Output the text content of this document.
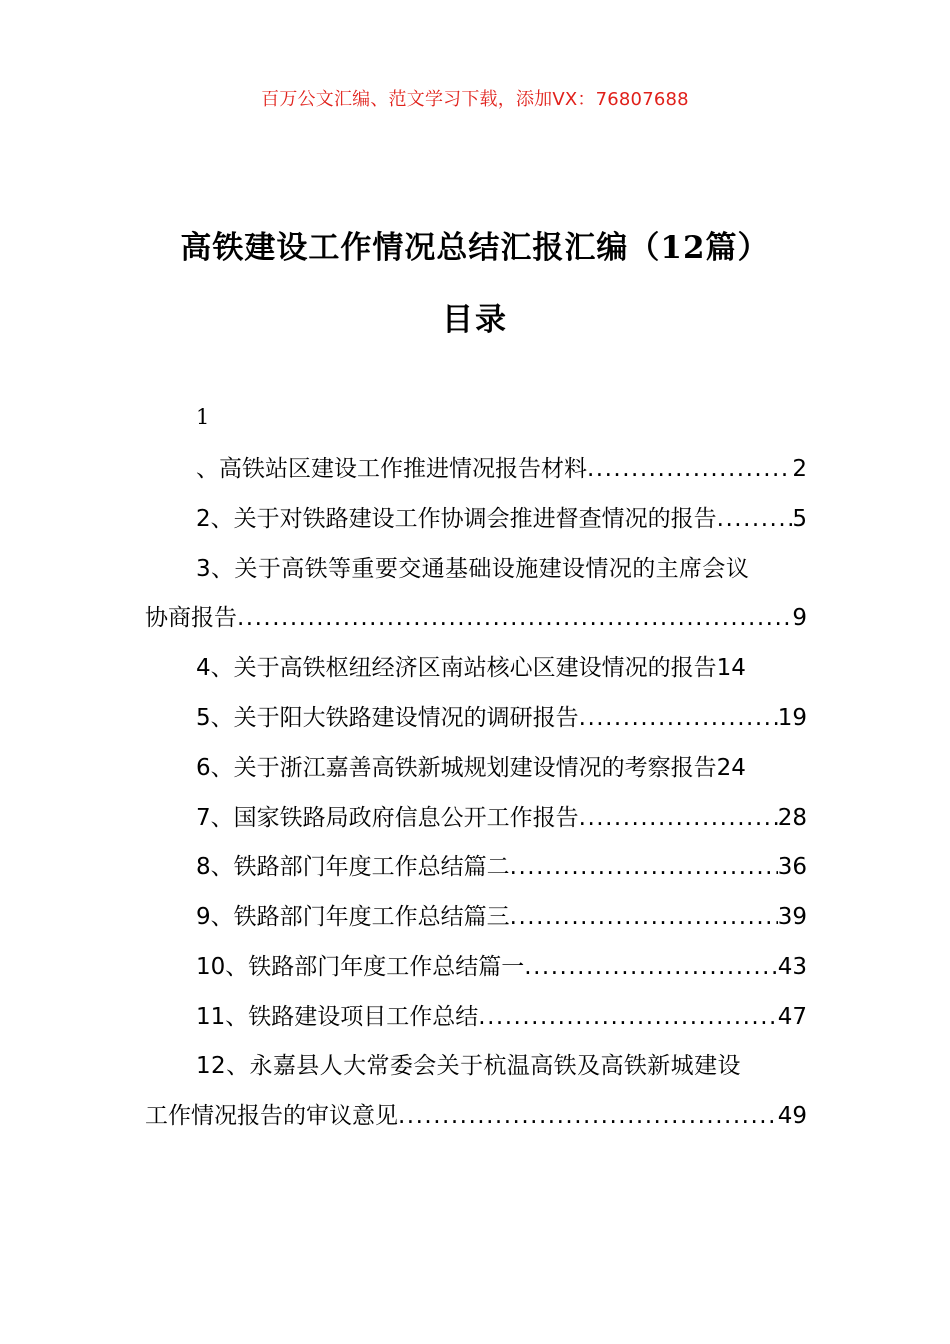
百万公文汇编、范文学习下载，添加VX：76807688
高铁建设工作情况总结汇报汇编（12篇）
目录
1
、高铁站区建设工作推进情况报告材料 .....	2
2、关于对铁路建设工作协调会推进督查情况的报告 .....	5
3、关于高铁等重要交通基础设施建设情况的主席会议
协商报告 .....	9
4、关于高铁枢纽经济区南站核心区建设情况的报告 14
5、关于阳大铁路建设情况的调研报告 .....	19
6、关于浙江嘉善高铁新城规划建设情况的考察报告 24
7、国家铁路局政府信息公开工作报告 .....	28
8、铁路部门年度工作总结篇二 .....	36
9、铁路部门年度工作总结篇三 .....	39
10、铁路部门年度工作总结篇一 .....	43
11、铁路建设项目工作总结 .....	47
12、永嘉县人大常委会关于杭温高铁及高铁新城建设
工作情况报告的审议意见 .....	49
